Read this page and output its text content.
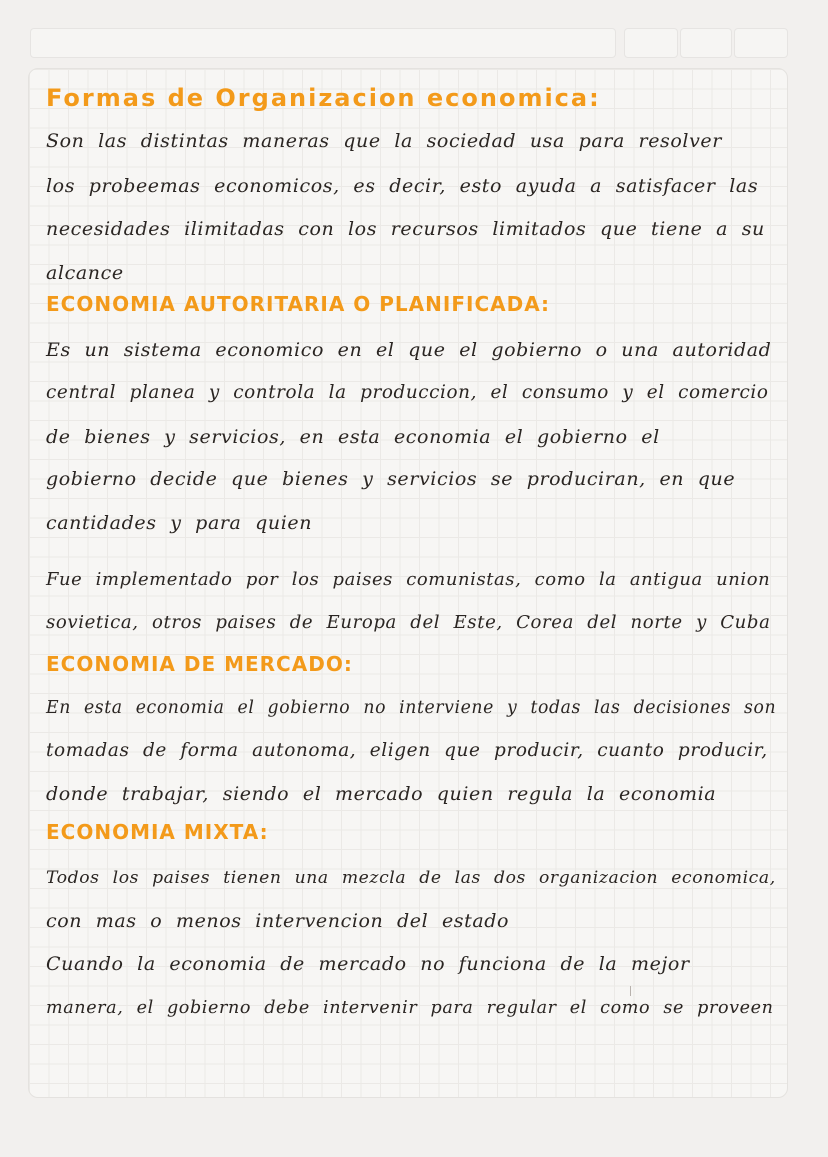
Formas de Organizacion economica:

Son las distintas maneras que la sociedad usa para resolver

los probeemas economicos, es decir, esto ayuda a satisfacer las

necesidades ilimitadas con los recursos limitados que tiene a su

alcance

ECONOMIA AUTORITARIA O PLANIFICADA:

Es un sistema economico en el que el gobierno o una autoridad

central planea y controla la produccion, el consumo y el comercio

de bienes y servicios, en esta economia el gobierno el

gobierno decide que bienes y servicios se produciran, en que

cantidades y para quien

Fue implementado por los paises comunistas, como la antigua union

sovietica, otros paises de Europa del Este, Corea del norte y Cuba

ECONOMIA DE MERCADO:

En esta economia el gobierno no interviene y todas las decisiones son

tomadas de forma autonoma, eligen que producir, cuanto producir,

donde trabajar, siendo el mercado quien regula la economia

ECONOMIA MIXTA:

Todos los paises tienen una mezcla de las dos organizacion economica,

con mas o menos intervencion del estado

Cuando la economia de mercado no funciona de la mejor

manera, el gobierno debe intervenir para regular el como se proveen
